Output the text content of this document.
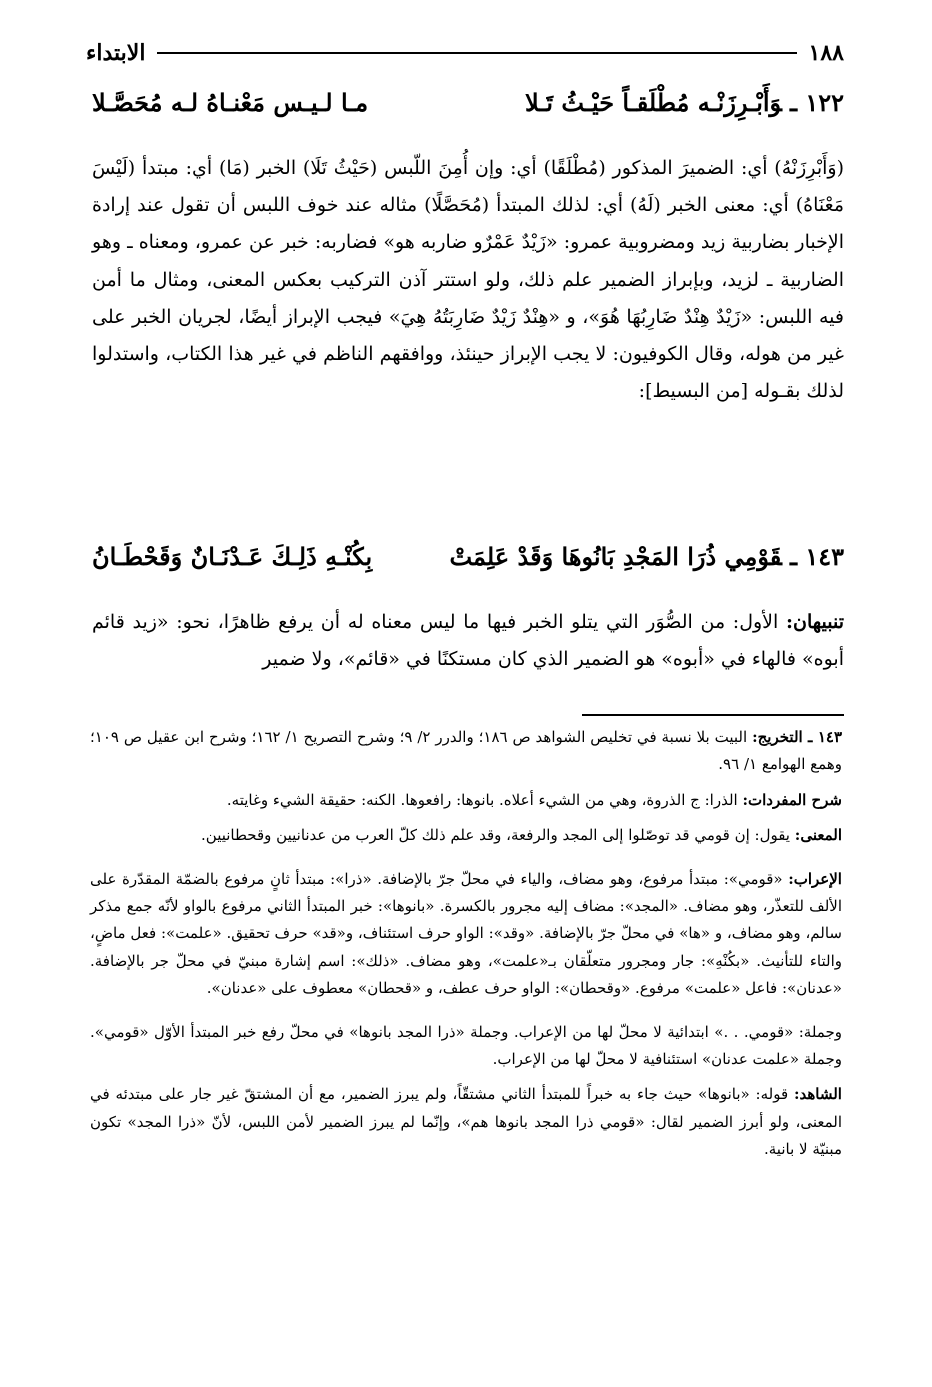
١٨٨
الابتداء
١٢٢ ـوَأَبْـرِزَنْـه مُطْلَقـاً حَيْـثُ تَـلا
مـا لـيـس مَعْنـاهُ لـه مُحَصَّـلا

(وَأَبْرِزَنْهُ) أي: الضميرَ المذكور (مُطْلَقًا) أي: وإن أُمِنَ اللّبس (حَيْثُ تَلَا) الخبر (مَا) أي: مبتدأ (لَيْسَ مَعْنَاهُ) أي: معنى الخبر (لَهُ) أي: لذلك المبتدأ (مُحَصَّلًا) مثاله عند خوف اللبس أن تقول عند إرادة الإخبار بضاربية زيد ومضروبية عمرو: «زَيْدٌ عَمْرٌو ضاربه هو» فضاربه: خبر عن عمرو، ومعناه ـ وهو الضاربية ـ لزيد، وبإبراز الضمير علم ذلك، ولو استتر آذن التركيب بعكس المعنى، ومثال ما أمن فيه اللبس: «زَيْدٌ هِنْدٌ ضَارِبُهَا هُوَ»، و «هِنْدٌ زَيْدٌ ضَارِبَتُهُ هِيَ» فيجب الإبراز أيضًا، لجريان الخبر على غير من هوله، وقال الكوفيون: لا يجب الإبراز حينئذ، ووافقهم الناظم في غير هذا الكتاب، واستدلوا لذلك بقـوله [من البسيط]:

١٤٣ ـقَوْمِي ذُرَا المَجْدِ بَانُوهَا وَقَدْ عَلِمَتْ
بِكُنْـهِ ذَلِـكَ عَـدْنَـانٌ وَقَحْطَـانُ
تنبيهان: الأول: من الصُّوَر التي يتلو الخبر فيها ما ليس معناه له أن يرفع ظاهرًا، نحو: «زيد قائم أبوه» فالهاء في «أبوه» هو الضمير الذي كان مستكنًا في «قائم»، ولا ضمير

١٤٣ ـ التخريج: البيت بلا نسبة في تخليص الشواهد ص ١٨٦؛ والدرر ٢/ ٩؛ وشرح التصريح ١/ ١٦٢؛ وشرح ابن عقيل ص ١٠٩؛ وهمع الهوامع ١/ ٩٦.

شرح المفردات: الذرا: ج الذروة، وهي من الشيء أعلاه. بانوها: رافعوها. الكنه: حقيقة الشيء وغايته.

المعنى: يقول: إن قومي قد توصّلوا إلى المجد والرفعة، وقد علم ذلك كلّ العرب من عدنانيين وقحطانيين.

الإعراب: «قومي»: مبتدأ مرفوع، وهو مضاف، والياء في محلّ جرّ بالإضافة. «ذرا»: مبتدأ ثانٍ مرفوع بالضمّة المقدّرة على الألف للتعذّر، وهو مضاف. «المجد»: مضاف إليه مجرور بالكسرة. «بانوها»: خبر المبتدأ الثاني مرفوع بالواو لأنّه جمع مذكر سالم، وهو مضاف، و «ها» في محلّ جرّ بالإضافة. «وقد»: الواو حرف استئناف، و«قد» حرف تحقيق. «علمت»: فعل ماضٍ، والتاء للتأنيث. «بكُنْهِ»: جار ومجرور متعلّقان بـ«علمت»، وهو مضاف. «ذلك»: اسم إشارة مبنيّ في محلّ جر بالإضافة. «عدنان»: فاعل «علمت» مرفوع. «وقحطان»: الواو حرف عطف، و «قحطان» معطوف على «عدنان».

وجملة: «قومي. . .» ابتدائية لا محلّ لها من الإعراب. وجملة «ذرا المجد بانوها» في محلّ رفع خبر المبتدأ الأوّل «قومي». وجملة «علمت عدنان» استئنافية لا محلّ لها من الإعراب.

الشاهد: قوله: «بانوها» حيث جاء به خبراً للمبتدأ الثاني مشتقّاً، ولم يبرز الضمير، مع أن المشتقّ غير جار على مبتدئه في المعنى، ولو أبرز الضمير لقال: «قومي ذرا المجد بانوها هم»، وإنّما لم يبرز الضمير لأمن اللبس، لأنّ «ذرا المجد» تكون مبنيّة لا بانية.
